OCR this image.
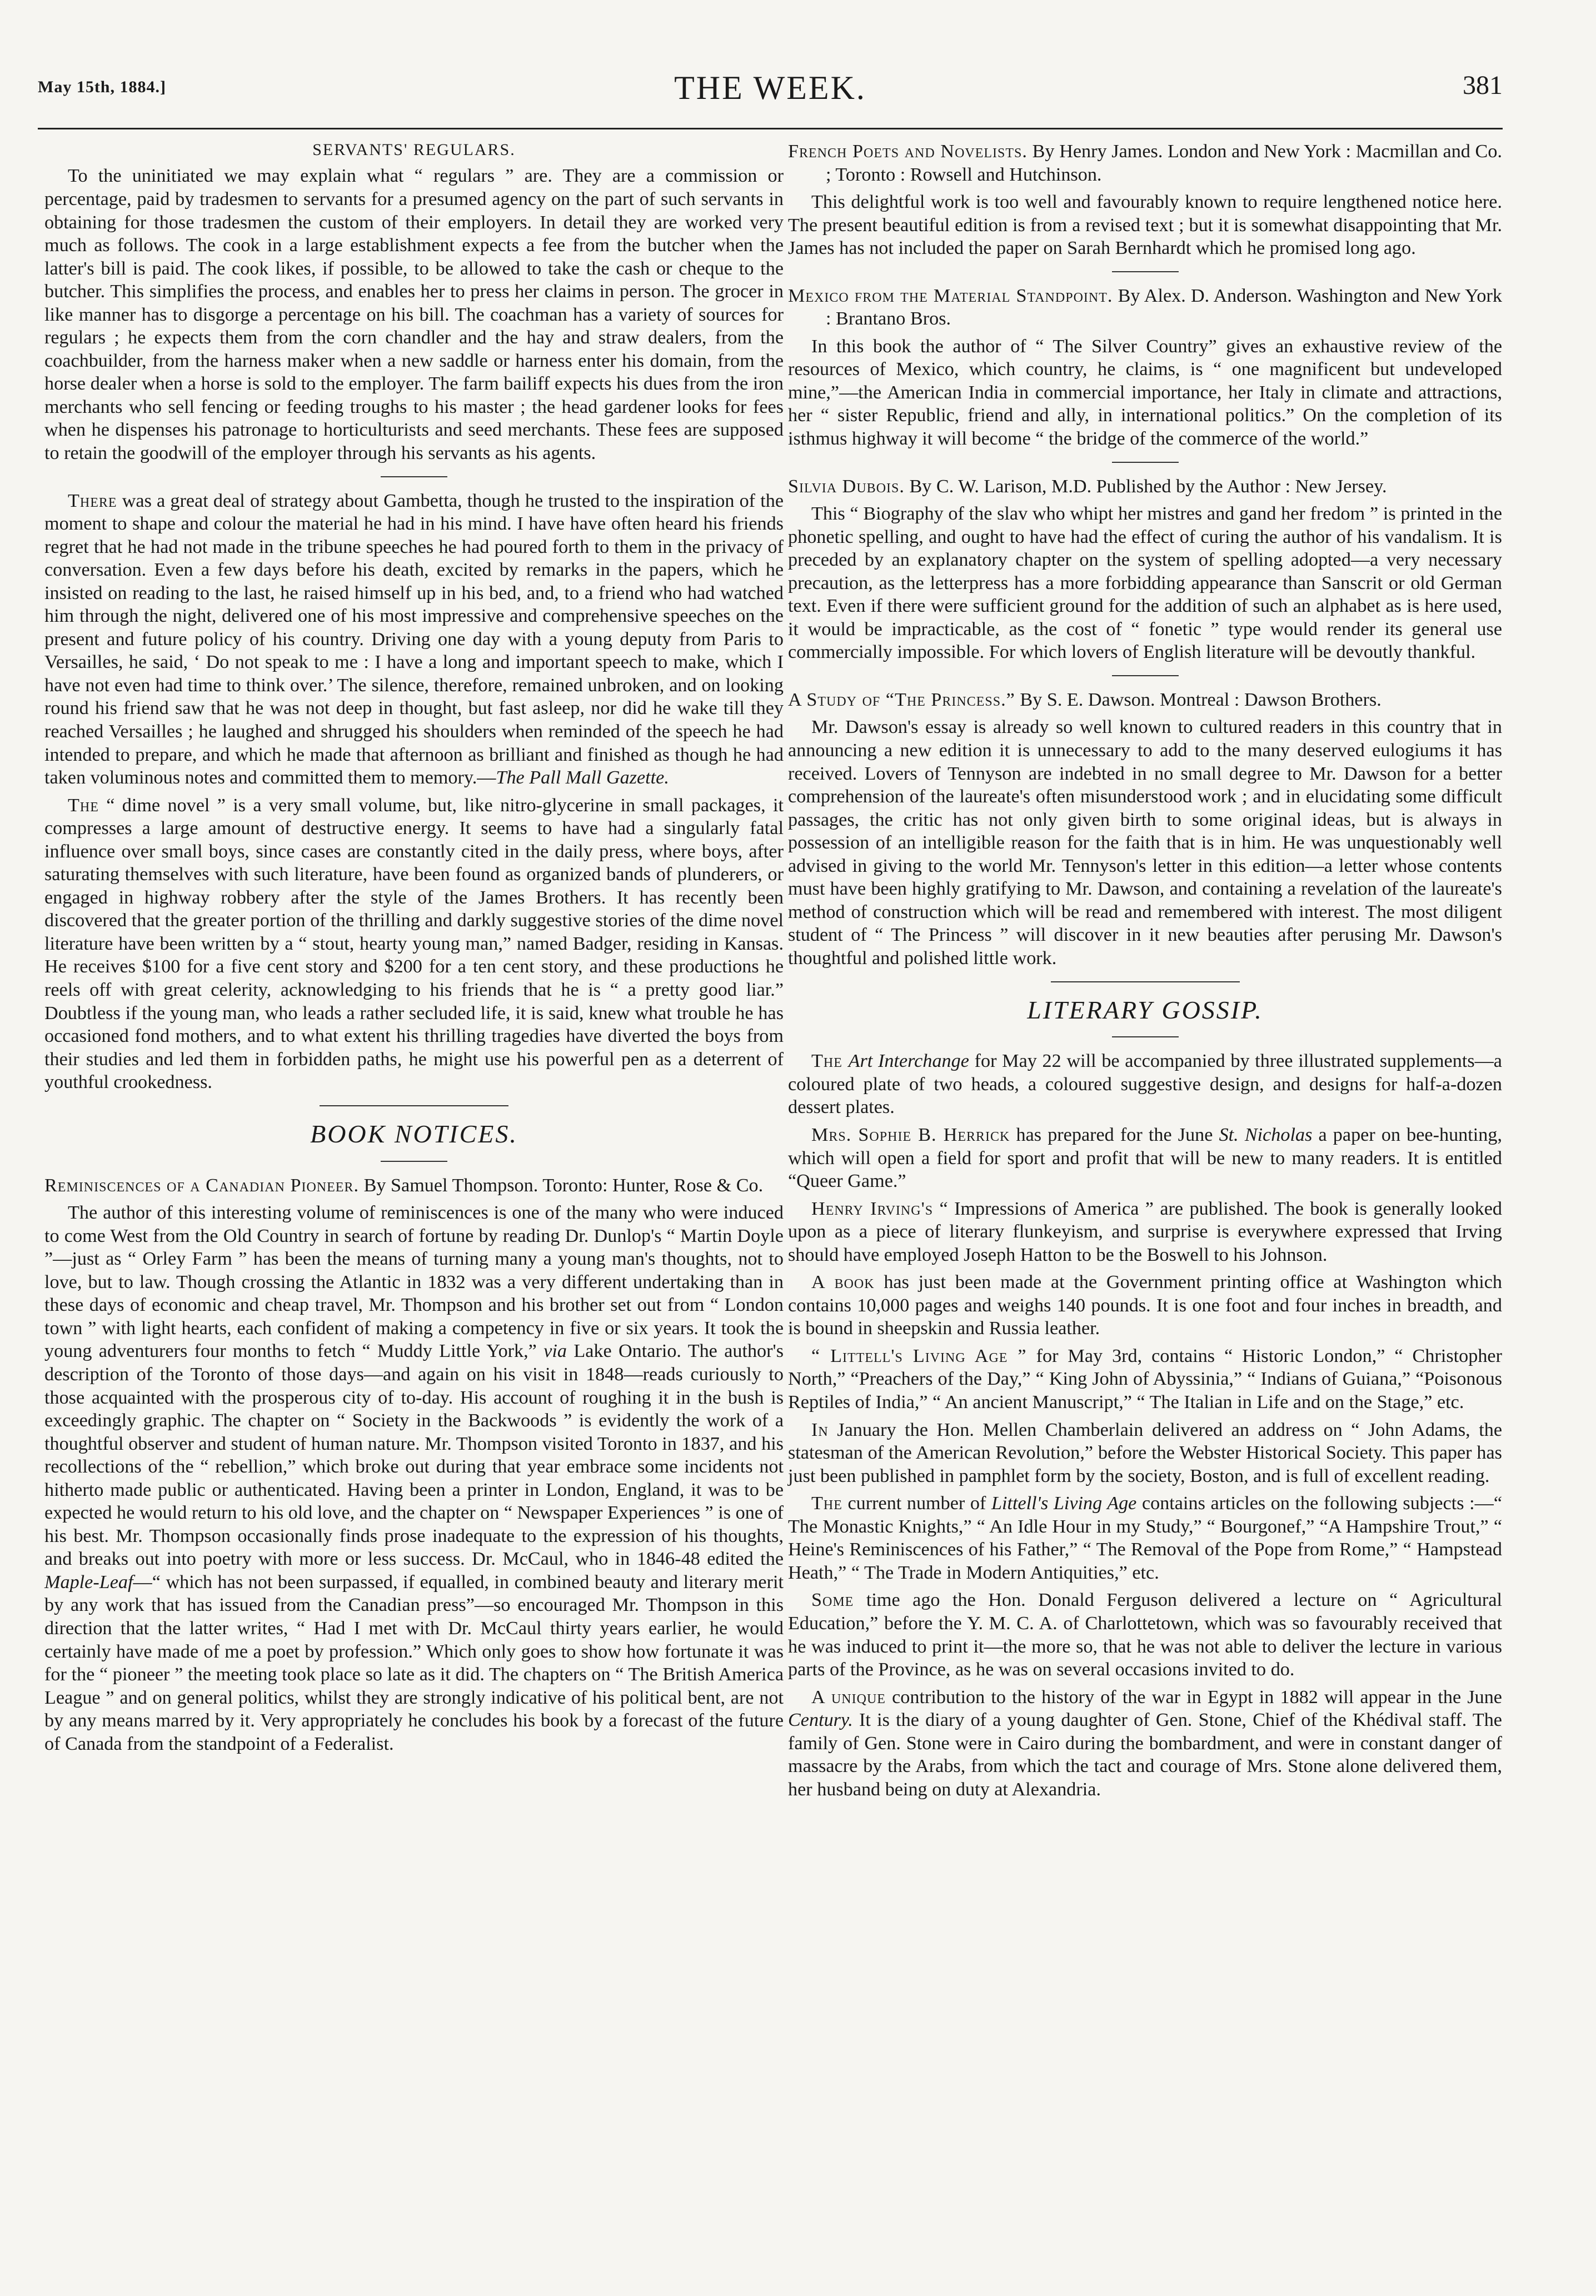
May 15th, 1884.]	THE WEEK.	381
SERVANTS' REGULARS.

To the uninitiated we may explain what “ regulars ” are. They are a commission or percentage, paid by tradesmen to servants for a presumed agency on the part of such servants in obtaining for those tradesmen the custom of their employers. In detail they are worked very much as follows. The cook in a large establishment expects a fee from the butcher when the latter's bill is paid. The cook likes, if possible, to be allowed to take the cash or cheque to the butcher. This simplifies the process, and enables her to press her claims in person. The grocer in like manner has to disgorge a percentage on his bill. The coachman has a variety of sources for regulars ; he expects them from the corn chandler and the hay and straw dealers, from the coachbuilder, from the harness maker when a new saddle or harness enter his domain, from the horse dealer when a horse is sold to the employer. The farm bailiff expects his dues from the iron merchants who sell fencing or feeding troughs to his master ; the head gardener looks for fees when he dispenses his patronage to horticulturists and seed merchants. These fees are supposed to retain the goodwill of the employer through his servants as his agents.

There was a great deal of strategy about Gambetta, though he trusted to the inspiration of the moment to shape and colour the material he had in his mind. I have have often heard his friends regret that he had not made in the tribune speeches he had poured forth to them in the privacy of conversation. Even a few days before his death, excited by remarks in the papers, which he insisted on reading to the last, he raised himself up in his bed, and, to a friend who had watched him through the night, delivered one of his most impressive and comprehensive speeches on the present and future policy of his country. Driving one day with a young deputy from Paris to Versailles, he said, ‘ Do not speak to me : I have a long and important speech to make, which I have not even had time to think over.’ The silence, therefore, remained unbroken, and on looking round his friend saw that he was not deep in thought, but fast asleep, nor did he wake till they reached Versailles ; he laughed and shrugged his shoulders when reminded of the speech he had intended to prepare, and which he made that afternoon as brilliant and finished as though he had taken voluminous notes and committed them to memory.—The Pall Mall Gazette.

The “ dime novel ” is a very small volume, but, like nitro-glycerine in small packages, it compresses a large amount of destructive energy. It seems to have had a singularly fatal influence over small boys, since cases are constantly cited in the daily press, where boys, after saturating themselves with such literature, have been found as organized bands of plunderers, or engaged in highway robbery after the style of the James Brothers. It has recently been discovered that the greater portion of the thrilling and darkly suggestive stories of the dime novel literature have been written by a “ stout, hearty young man,” named Badger, residing in Kansas. He receives $100 for a five cent story and $200 for a ten cent story, and these productions he reels off with great celerity, acknowledging to his friends that he is “ a pretty good liar.” Doubtless if the young man, who leads a rather secluded life, it is said, knew what trouble he has occasioned fond mothers, and to what extent his thrilling tragedies have diverted the boys from their studies and led them in forbidden paths, he might use his powerful pen as a deterrent of youthful crookedness.

BOOK NOTICES.

Reminiscences of a Canadian Pioneer. By Samuel Thompson. Toronto: Hunter, Rose & Co.

The author of this interesting volume of reminiscences is one of the many who were induced to come West from the Old Country in search of fortune by reading Dr. Dunlop's “ Martin Doyle ”—just as “ Orley Farm ” has been the means of turning many a young man's thoughts, not to love, but to law. Though crossing the Atlantic in 1832 was a very different undertaking than in these days of economic and cheap travel, Mr. Thompson and his brother set out from “ London town ” with light hearts, each confident of making a competency in five or six years. It took the young adventurers four months to fetch “ Muddy Little York,” via Lake Ontario. The author's description of the Toronto of those days—and again on his visit in 1848—reads curiously to those acquainted with the prosperous city of to-day. His account of roughing it in the bush is exceedingly graphic. The chapter on “ Society in the Backwoods ” is evidently the work of a thoughtful observer and student of human nature. Mr. Thompson visited Toronto in 1837, and his recollections of the “ rebellion,” which broke out during that year embrace some incidents not hitherto made public or authenticated. Having been a printer in London, England, it was to be expected he would return to his old love, and the chapter on “ Newspaper Experiences ” is one of his best. Mr. Thompson occasionally finds prose inadequate to the expression of his thoughts, and breaks out into poetry with more or less success. Dr. McCaul, who in 1846-48 edited the Maple-Leaf—“ which has not been surpassed, if equalled, in combined beauty and literary merit by any work that has issued from the Canadian press”—so encouraged Mr. Thompson in this direction that the latter writes, “ Had I met with Dr. McCaul thirty years earlier, he would certainly have made of me a poet by profession.” Which only goes to show how fortunate it was for the “ pioneer ” the meeting took place so late as it did. The chapters on “ The British America League ” and on general politics, whilst they are strongly indicative of his political bent, are not by any means marred by it. Very appropriately he concludes his book by a forecast of the future of Canada from the standpoint of a Federalist.

French Poets and Novelists. By Henry James. London and New York : Macmillan and Co. ; Toronto : Rowsell and Hutchinson.

This delightful work is too well and favourably known to require lengthened notice here. The present beautiful edition is from a revised text ; but it is somewhat disappointing that Mr. James has not included the paper on Sarah Bernhardt which he promised long ago.

Mexico from the Material Standpoint. By Alex. D. Anderson. Washington and New York : Brantano Bros.

In this book the author of “ The Silver Country” gives an exhaustive review of the resources of Mexico, which country, he claims, is “ one magnificent but undeveloped mine,”—the American India in commercial importance, her Italy in climate and attractions, her “ sister Republic, friend and ally, in international politics.” On the completion of its isthmus highway it will become “ the bridge of the commerce of the world.”

Silvia Dubois. By C. W. Larison, M.D. Published by the Author : New Jersey.

This “ Biography of the slav who whipt her mistres and gand her fredom ” is printed in the phonetic spelling, and ought to have had the effect of curing the author of his vandalism. It is preceded by an explanatory chapter on the system of spelling adopted—a very necessary precaution, as the letterpress has a more forbidding appearance than Sanscrit or old German text. Even if there were sufficient ground for the addition of such an alphabet as is here used, it would be impracticable, as the cost of “ fonetic ” type would render its general use commercially impossible. For which lovers of English literature will be devoutly thankful.

A Study of “The Princess.” By S. E. Dawson. Montreal : Dawson Brothers.

Mr. Dawson's essay is already so well known to cultured readers in this country that in announcing a new edition it is unnecessary to add to the many deserved eulogiums it has received. Lovers of Tennyson are indebted in no small degree to Mr. Dawson for a better comprehension of the laureate's often misunderstood work ; and in elucidating some difficult passages, the critic has not only given birth to some original ideas, but is always in possession of an intelligible reason for the faith that is in him. He was unquestionably well advised in giving to the world Mr. Tennyson's letter in this edition—a letter whose contents must have been highly gratifying to Mr. Dawson, and containing a revelation of the laureate's method of construction which will be read and remembered with interest. The most diligent student of “ The Princess ” will discover in it new beauties after perusing Mr. Dawson's thoughtful and polished little work.

LITERARY GOSSIP.

The Art Interchange for May 22 will be accompanied by three illustrated supplements—a coloured plate of two heads, a coloured suggestive design, and designs for half-a-dozen dessert plates.

Mrs. Sophie B. Herrick has prepared for the June St. Nicholas a paper on bee-hunting, which will open a field for sport and profit that will be new to many readers. It is entitled “Queer Game.”

Henry Irving's “ Impressions of America ” are published. The book is generally looked upon as a piece of literary flunkeyism, and surprise is everywhere expressed that Irving should have employed Joseph Hatton to be the Boswell to his Johnson.

A book has just been made at the Government printing office at Washington which contains 10,000 pages and weighs 140 pounds. It is one foot and four inches in breadth, and is bound in sheepskin and Russia leather.

“ Littell's Living Age ” for May 3rd, contains “ Historic London,” “ Christopher North,” “Preachers of the Day,” “ King John of Abyssinia,” “ Indians of Guiana,” “Poisonous Reptiles of India,” “ An ancient Manuscript,” “ The Italian in Life and on the Stage,” etc.

In January the Hon. Mellen Chamberlain delivered an address on “ John Adams, the statesman of the American Revolution,” before the Webster Historical Society. This paper has just been published in pamphlet form by the society, Boston, and is full of excellent reading.

The current number of Littell's Living Age contains articles on the following subjects :—“ The Monastic Knights,” “ An Idle Hour in my Study,” “ Bourgonef,” “A Hampshire Trout,” “ Heine's Reminiscences of his Father,” “ The Removal of the Pope from Rome,” “ Hampstead Heath,” “ The Trade in Modern Antiquities,” etc.

Some time ago the Hon. Donald Ferguson delivered a lecture on “ Agricultural Education,” before the Y. M. C. A. of Charlottetown, which was so favourably received that he was induced to print it—the more so, that he was not able to deliver the lecture in various parts of the Province, as he was on several occasions invited to do.

A unique contribution to the history of the war in Egypt in 1882 will appear in the June Century. It is the diary of a young daughter of Gen. Stone, Chief of the Khédival staff. The family of Gen. Stone were in Cairo during the bombardment, and were in constant danger of massacre by the Arabs, from which the tact and courage of Mrs. Stone alone delivered them, her husband being on duty at Alexandria.
